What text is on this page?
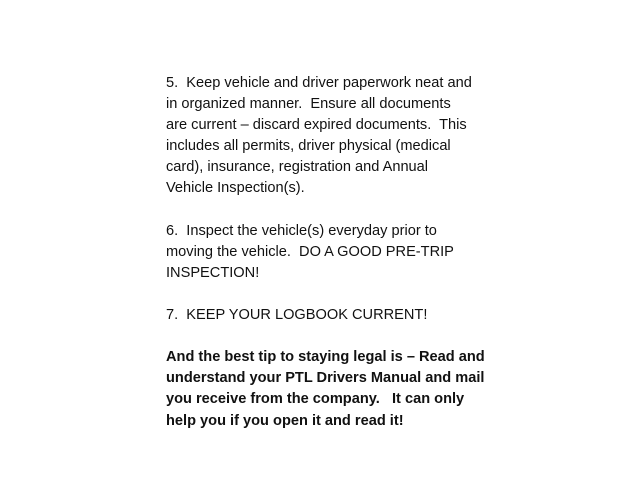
5.  Keep vehicle and driver paperwork neat and
in organized manner.  Ensure all documents
are current – discard expired documents.  This
includes all permits, driver physical (medical
card), insurance, registration and Annual
Vehicle Inspection(s).
6.  Inspect the vehicle(s) everyday prior to
moving the vehicle.  DO A GOOD PRE-TRIP
INSPECTION!
7.  KEEP YOUR LOGBOOK CURRENT!
And the best tip to staying legal is – Read and
understand your PTL Drivers Manual and mail
you receive from the company.   It can only
help you if you open it and read it!
